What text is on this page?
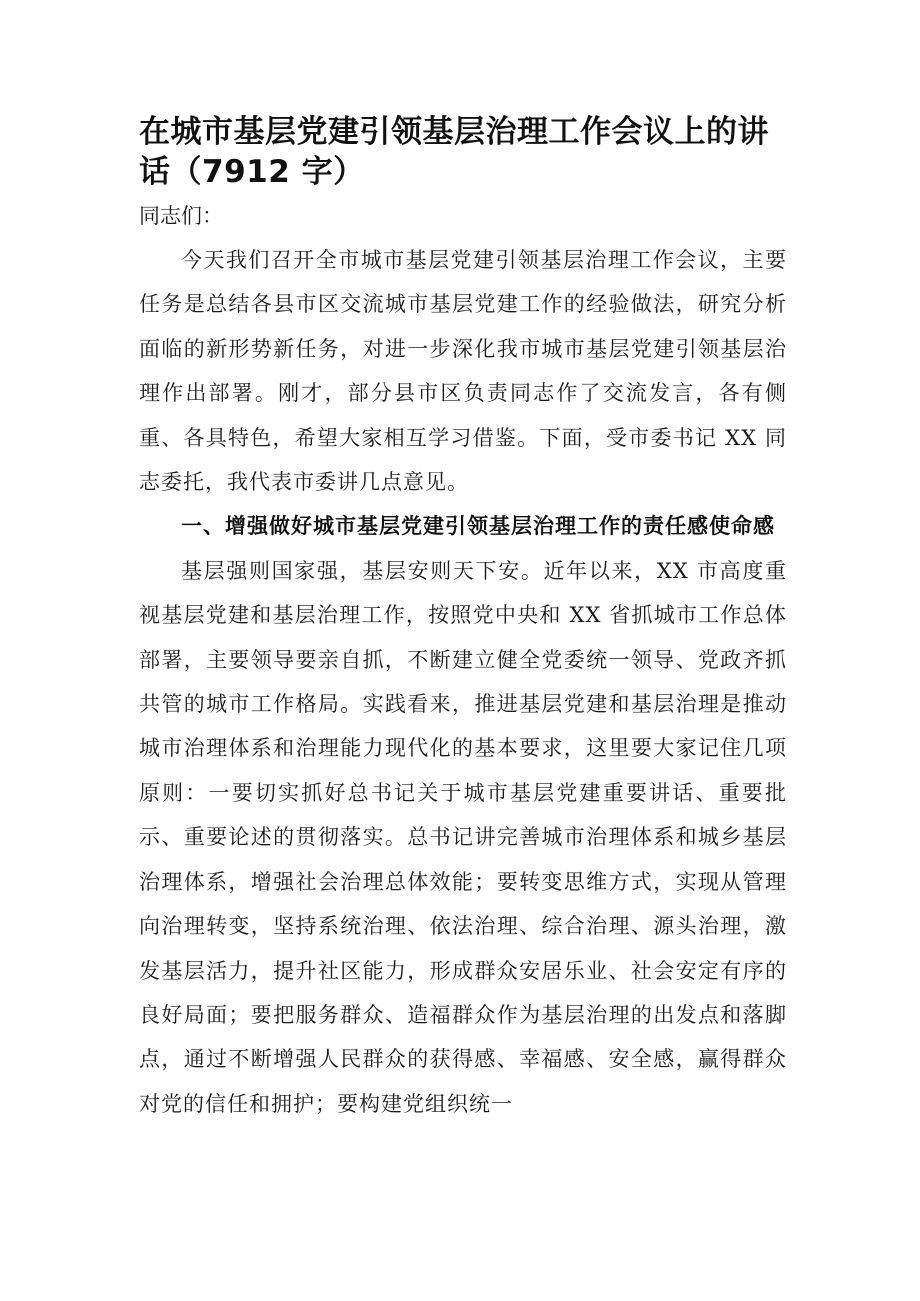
在城市基层党建引领基层治理工作会议上的讲话（7912 字）

同志们：

今天我们召开全市城市基层党建引领基层治理工作会议，主要任务是总结各县市区交流城市基层党建工作的经验做法，研究分析面临的新形势新任务，对进一步深化我市城市基层党建引领基层治理作出部署。刚才，部分县市区负责同志作了交流发言，各有侧重、各具特色，希望大家相互学习借鉴。下面，受市委书记 XX 同志委托，我代表市委讲几点意见。

一、增强做好城市基层党建引领基层治理工作的责任感使命感

基层强则国家强，基层安则天下安。近年以来，XX 市高度重视基层党建和基层治理工作，按照党中央和 XX 省抓城市工作总体部署，主要领导要亲自抓，不断建立健全党委统一领导、党政齐抓共管的城市工作格局。实践看来，推进基层党建和基层治理是推动城市治理体系和治理能力现代化的基本要求，这里要大家记住几项原则：一要切实抓好总书记关于城市基层党建重要讲话、重要批示、重要论述的贯彻落实。总书记讲完善城市治理体系和城乡基层治理体系，增强社会治理总体效能；要转变思维方式，实现从管理向治理转变，坚持系统治理、依法治理、综合治理、源头治理，激发基层活力，提升社区能力，形成群众安居乐业、社会安定有序的良好局面；要把服务群众、造福群众作为基层治理的出发点和落脚点，通过不断增强人民群众的获得感、幸福感、安全感，赢得群众对党的信任和拥护；要构建党组织统一
